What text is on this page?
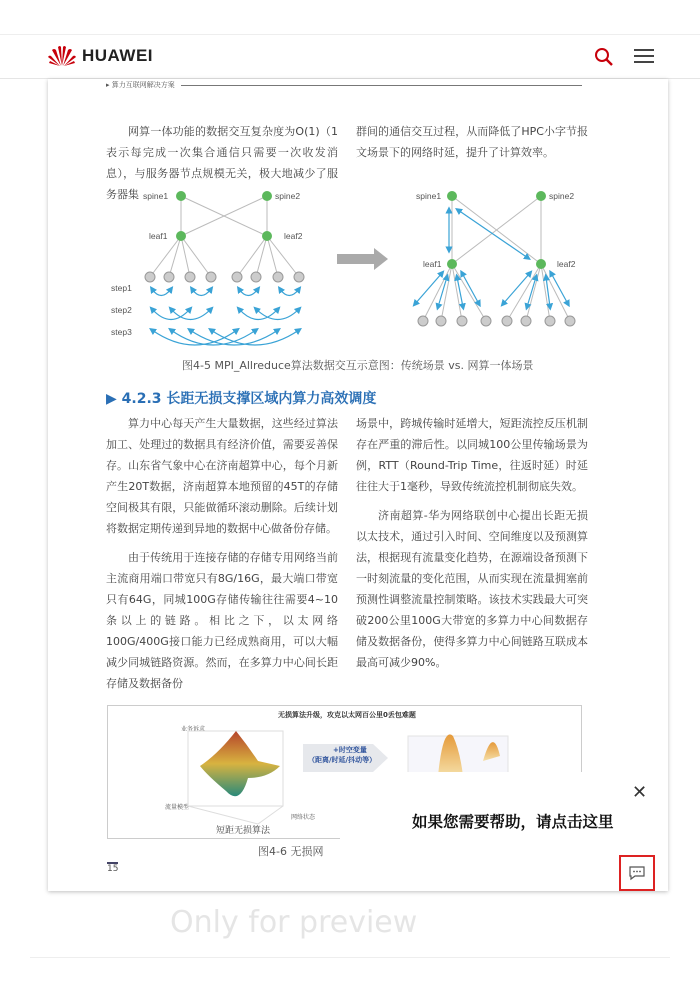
HUAWEI
▸ 算力互联网解决方案

网算一体功能的数据交互复杂度为O(1)（1表示每完成一次集合通信只需要一次收发消息），与服务器节点规模无关，极大地减少了服务器集

群间的通信交互过程，从而降低了HPC小字节报文场景下的网络时延，提升了计算效率。

spine1	spine2
leaf1	leaf2
step1
step2
step3
spine1	spine2
leaf1	leaf2
图4-5 MPI_Allreduce算法数据交互示意图：传统场景 vs. 网算一体场景
▶ 4.2.3 长距无损支撑区域内算力高效调度

算力中心每天产生大量数据，这些经过算法加工、处理过的数据具有经济价值，需要妥善保存。山东省气象中心在济南超算中心，每个月新产生20T数据，济南超算本地预留的45T的存储空间极其有限，只能做循环滚动删除。后续计划将数据定期传递到异地的数据中心做备份存储。

由于传统用于连接存储的存储专用网络当前主流商用端口带宽只有8G/16G，最大端口带宽只有64G，同城100G存储传输往往需要4~10条以上的链路。相比之下，以太网络100G/400G接口能力已经成熟商用，可以大幅减少同城链路资源。然而，在多算力中心间长距存储及数据备份

场景中，跨城传输时延增大，短距流控反压机制存在严重的滞后性。以同城100公里传输场景为例，RTT（Round-Trip Time，往返时延）时延往往大于1毫秒，导致传统流控机制彻底失效。

济南超算-华为网络联创中心提出长距无损以太技术，通过引入时间、空间维度以及预测算法，根据现有流量变化趋势，在源端设备预测下一时刻流量的变化范围，从而实现在流量拥塞前预测性调整流量控制策略。该技术实践最大可突破200公里100G大带宽的多算力中心间数据存储及数据备份，使得多算力中心间链路互联成本最高可减少90%。

无损算法升级，攻克以太网百公里0丢包难题
业务诉求
流量模型
网络状态
短距无损算法
+时空变量
（距离/时延/抖动等）
图4-6 无损网
15
Only for preview
✕
如果您需要帮助，请点击这里
